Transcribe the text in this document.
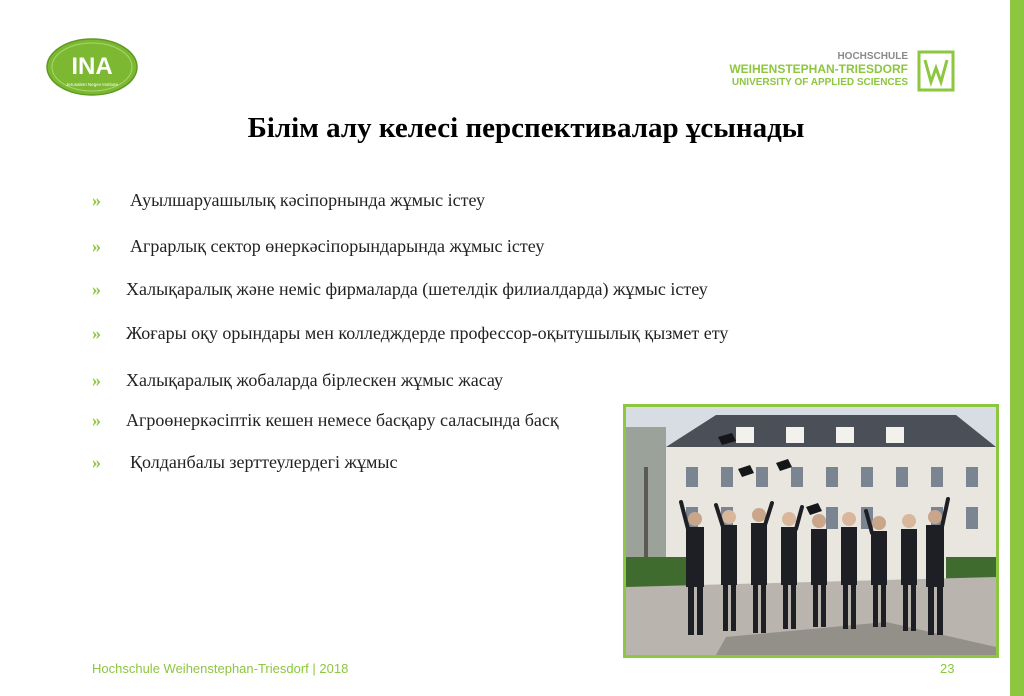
INA
Jerusalem Negev Institute
HOCHSCHULE
WEIHENSTEPHAN-TRIESDORF
UNIVERSITY OF APPLIED SCIENCES
Білім алу келесі перспективалар ұсынады
» Ауылшаруашылық кәсіпорнында жұмыс істеу
» Аграрлық сектор өнеркәсіпорындарында жұмыс істеу
» Халықаралық және неміс фирмаларда (шетелдік филиалдарда) жұмыс істеу
» Жоғары оқу орындары мен колледждерде профессор-оқытушылық қызмет ету
» Халықаралық жобаларда бірлескен жұмыс жасау
» Агроөнеркәсіптік кешен немесе басқару саласында басқ
» Қолданбалы зерттеулердегі жұмыс
Hochschule Weihenstephan-Triesdorf | 2018	23
